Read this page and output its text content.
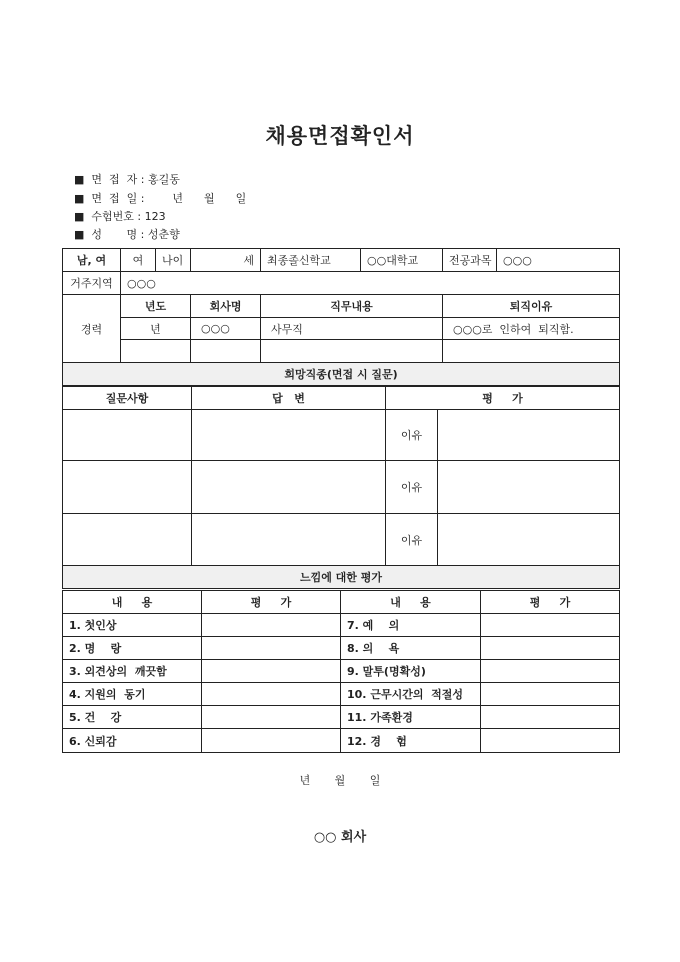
채용면접확인서
■  면  접  자 : 홍길동
■  면  접  일 :        년      월      일
■  수험번호 : 123
■  성       명 : 성춘향
남, 여	여	나이	세	최종졸신학교	○○대학교	전공과목	○○○
거주지역	○○○						
경력	년도		회사명	직무내용		퇴직이유	
	년		○○○	사무직		○○○로  인하여  퇴직함.	

희망직종(면접 시 질문)							
질문사항	답   변	평     가	
		이유	
		이유	
		이유	
느낌에 대한 평가			
내     용	평     가	내     용	평     가
1. 첫인상		7. 예    의	
2. 명    랑		8. 의    욕	
3. 외견상의  깨끗함		9. 말투(명확성)	
4. 지원의  동기		10. 근무시간의  적절성	
5. 건    강		11. 가족환경	
6. 신뢰감		12. 경    험	
년       월       일
○○ 회사
